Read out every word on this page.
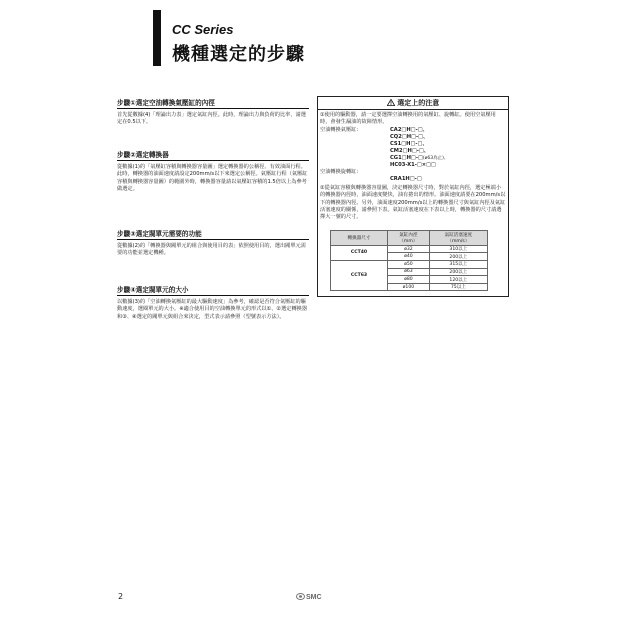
CC Series
機種選定的步驟
步驟①選定空油轉換氣壓缸的內徑

首先從數據(4)「理論出力表」選定氣缸內徑。此時，理論出力與負荷的比率，請選定在0.5以下。

步驟②選定轉換器

從數據(1)的「氣壓缸容積與轉換器容量圖」選定轉換器的公稱徑、有效油面行程。此時，轉換器的油面速度請設定200mm/s以下來選定公稱徑。氣壓缸行程（氣壓缸容積與轉換器容量圖）的範圍外時，轉換器容量請以氣壓缸容積的1.5倍以上為參考做選定。

步驟③選定閥單元需要的功能

從數據(2)的「轉換器與閥單元的組合與使用目的表」依照使用目的，選出閥單元需要的功能並選定機種。

步驟④選定閥單元的大小

以數據(3)的「空油轉換氣壓缸的最大驅動速度」為參考，確認是否符合氣壓缸的驅動速度，選閱單元的大小。※適合使用目的空油轉換單元的形式以①、②選定轉換器和③、④選定的閥單元與組合來決定，型式表示請參照（型號表示方法）。

選定上的注意

①使用的驅動器，請一定要選擇空油轉換用的氣壓缸、旋轉缸。使用空氣壓用時，會發生漏油的故障情形。

空油轉換氣壓缸:	CA2□H□-□、
CQ2□H□-□、
CS1□H□-□、
CM2□H□-□、
CG1□H□-□(ø63為止)、
HC03-X1-□×□□
空油轉換旋轉缸:
CRA1H□-□

②從氣缸容積與轉換器容量圖，決定轉換器尺寸時，對於氣缸內徑，選定極端小的轉換器內徑時，油面速度變快，油有捲出的情形。油面速度請要在200mm/s以下的轉換器內徑。另外，油面速度200mm/s以上的轉換器尺寸與氣缸內徑及氣缸活塞速度的關係，請參照下表。氣缸活塞速度在下表以上時，轉換器的尺寸請選擇大一號的尺寸。

轉換器尺寸	氣缸內徑
（mm）	氣缸活塞速度
（mm/s）
CCT40	ø32	310以上
	ø40	200以上
CCT63	ø50	315以上
	ø63	200以上
	ø80	120以上
	ø100	75以上
2	SMC
